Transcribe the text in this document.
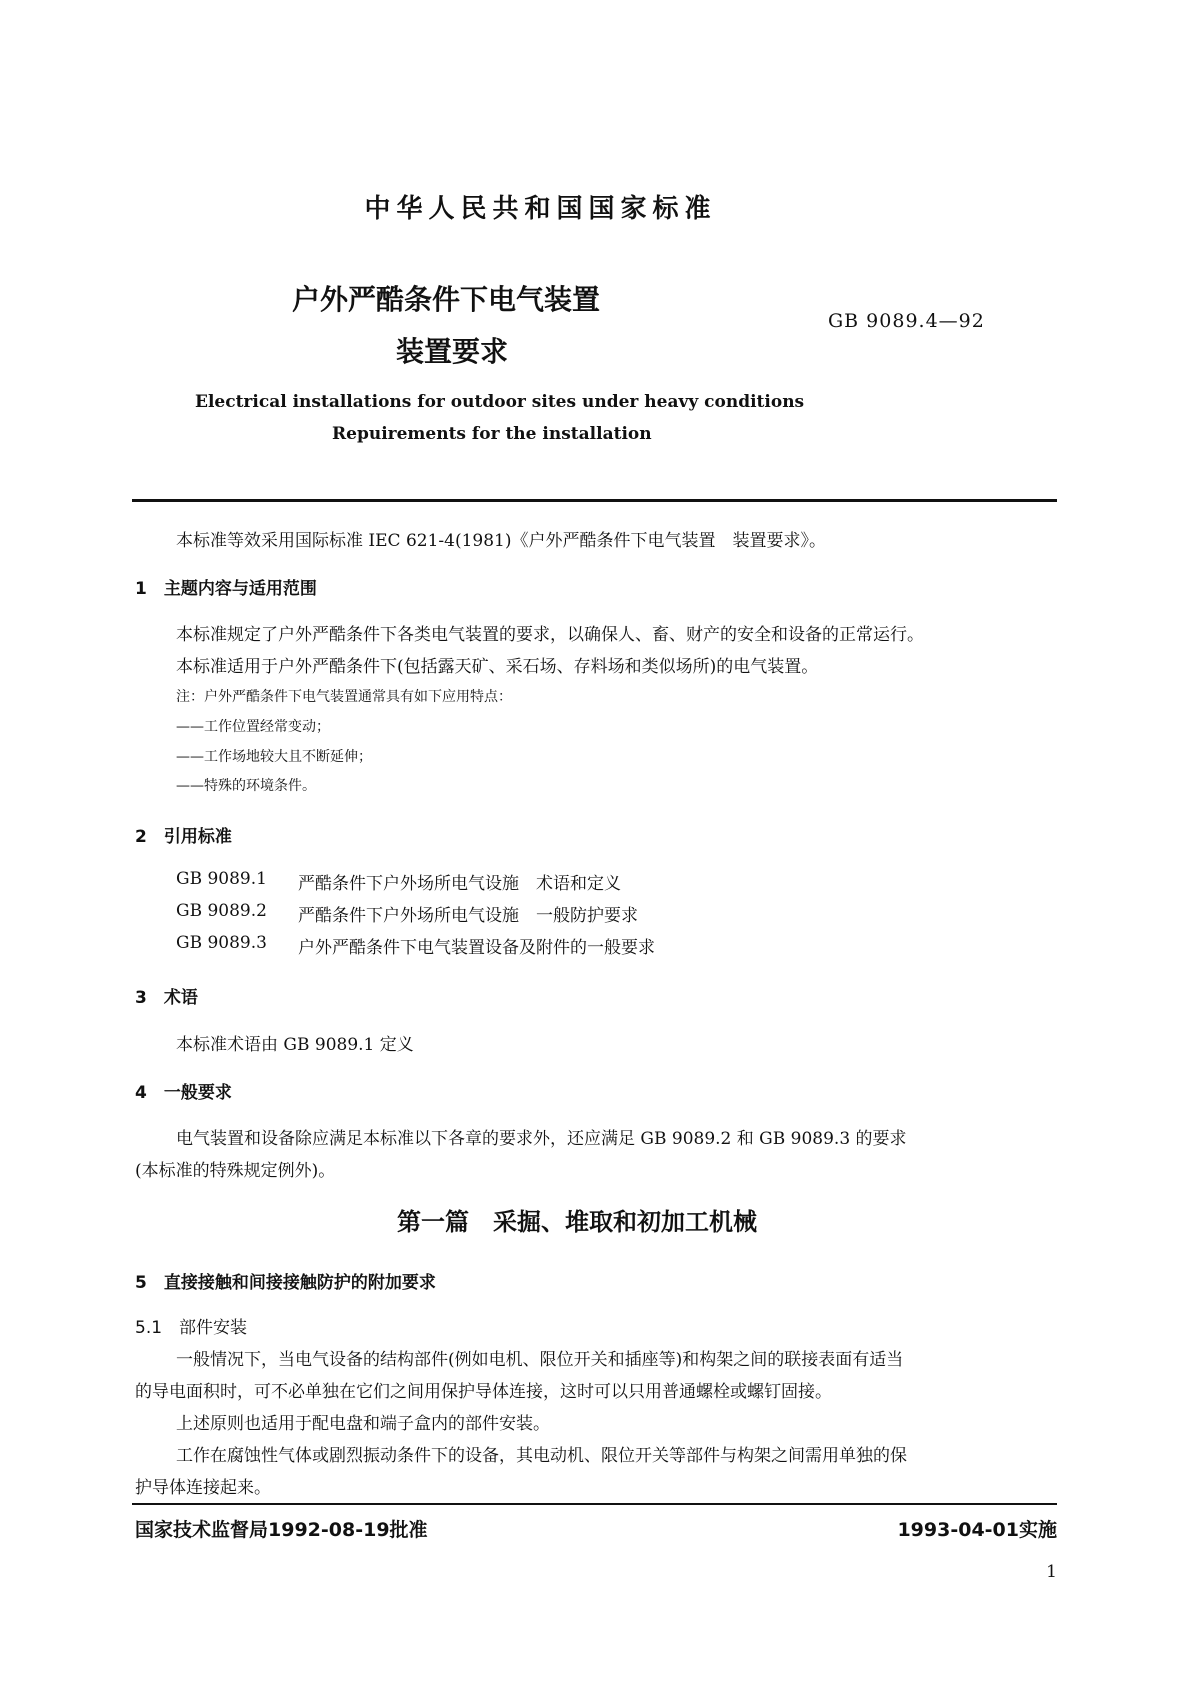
中华人民共和国国家标准
户外严酷条件下电气装置
装置要求
GB 9089.4—92
Electrical installations for outdoor sites under heavy conditions
Repuirements for the installation
本标准等效采用国际标准 IEC 621-4(1981)《户外严酷条件下电气装置　装置要求》。
1　主题内容与适用范围
本标准规定了户外严酷条件下各类电气装置的要求，以确保人、畜、财产的安全和设备的正常运行。
本标准适用于户外严酷条件下(包括露天矿、采石场、存料场和类似场所)的电气装置。
注：户外严酷条件下电气装置通常具有如下应用特点：
——工作位置经常变动；
——工作场地较大且不断延伸；
——特殊的环境条件。
2　引用标准
GB 9089.1 严酷条件下户外场所电气设施　术语和定义
GB 9089.2 严酷条件下户外场所电气设施　一般防护要求
GB 9089.3 户外严酷条件下电气装置设备及附件的一般要求
3　术语
本标准术语由 GB 9089.1 定义
4　一般要求
电气装置和设备除应满足本标准以下各章的要求外，还应满足 GB 9089.2 和 GB 9089.3 的要求
(本标准的特殊规定例外)。
第一篇　采掘、堆取和初加工机械
5　直接接触和间接接触防护的附加要求
5.1　部件安装
一般情况下，当电气设备的结构部件(例如电机、限位开关和插座等)和构架之间的联接表面有适当
的导电面积时，可不必单独在它们之间用保护导体连接，这时可以只用普通螺栓或螺钉固接。
上述原则也适用于配电盘和端子盒内的部件安装。
工作在腐蚀性气体或剧烈振动条件下的设备，其电动机、限位开关等部件与构架之间需用单独的保
护导体连接起来。
国家技术监督局1992-08-19批准	1993-04-01实施
1
